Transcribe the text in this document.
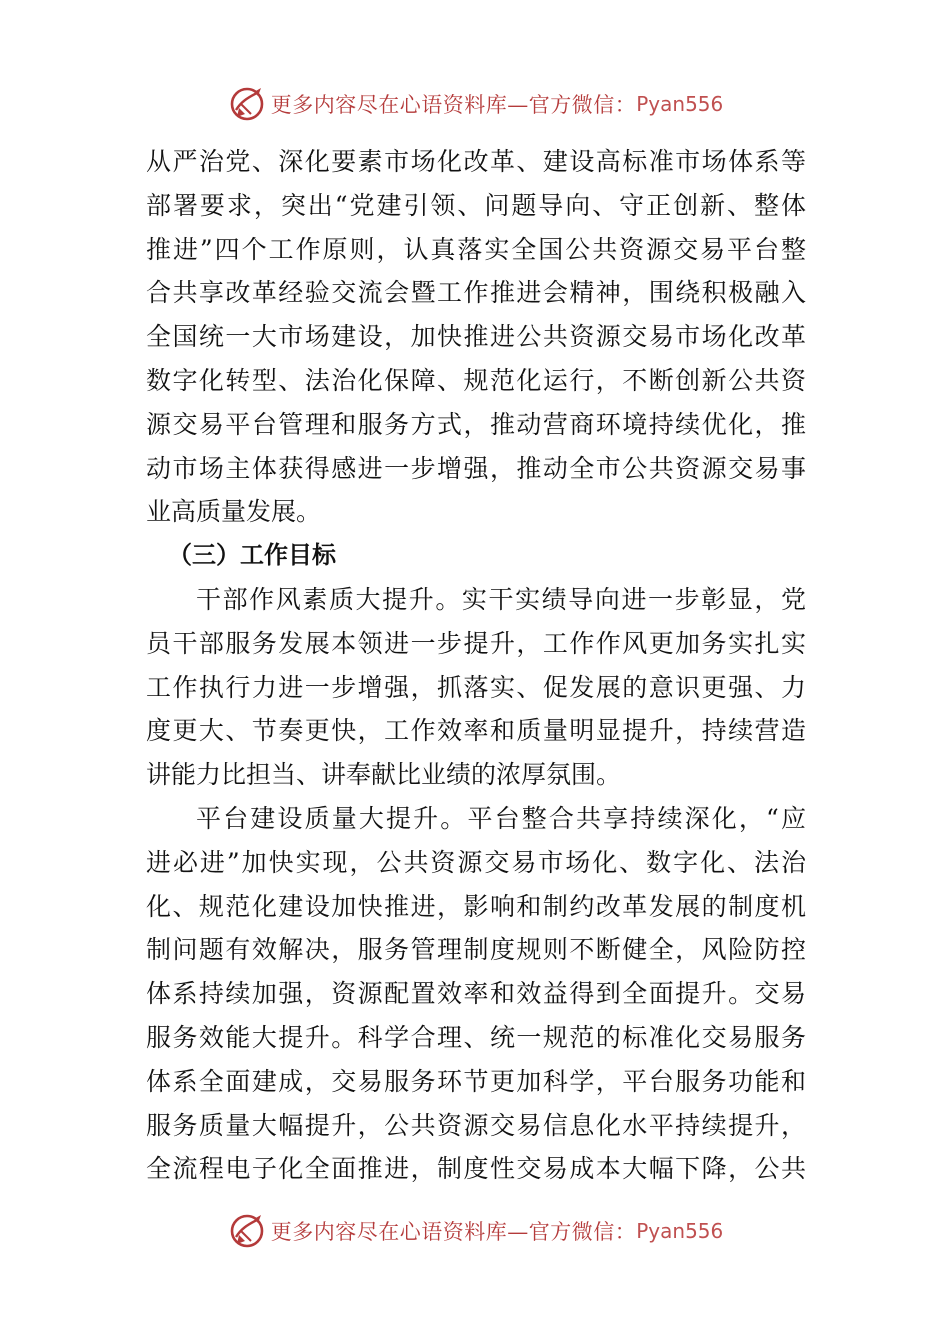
更多内容尽在心语资料库—官方微信： Pyan556
从严治党、深化要素市场化改革、建设高标准市场体系等
部署要求，突出“党建引领、问题导向、守正创新、整体
推进”四个工作原则，认真落实全国公共资源交易平台整
合共享改革经验交流会暨工作推进会精神，围绕积极融入
全国统一大市场建设，加快推进公共资源交易市场化改革
数字化转型、法治化保障、规范化运行，不断创新公共资
源交易平台管理和服务方式，推动营商环境持续优化，推
动市场主体获得感进一步增强，推动全市公共资源交易事
业高质量发展。
（三）工作目标
干部作风素质大提升。实干实绩导向进一步彰显，党
员干部服务发展本领进一步提升，工作作风更加务实扎实
工作执行力进一步增强，抓落实、促发展的意识更强、力
度更大、节奏更快，工作效率和质量明显提升，持续营造
讲能力比担当、讲奉献比业绩的浓厚氛围。
平台建设质量大提升。平台整合共享持续深化，“应
进必进”加快实现，公共资源交易市场化、数字化、法治
化、规范化建设加快推进，影响和制约改革发展的制度机
制问题有效解决，服务管理制度规则不断健全，风险防控
体系持续加强，资源配置效率和效益得到全面提升。交易
服务效能大提升。科学合理、统一规范的标准化交易服务
体系全面建成，交易服务环节更加科学，平台服务功能和
服务质量大幅提升，公共资源交易信息化水平持续提升，
全流程电子化全面推进，制度性交易成本大幅下降，公共
更多内容尽在心语资料库—官方微信： Pyan556
